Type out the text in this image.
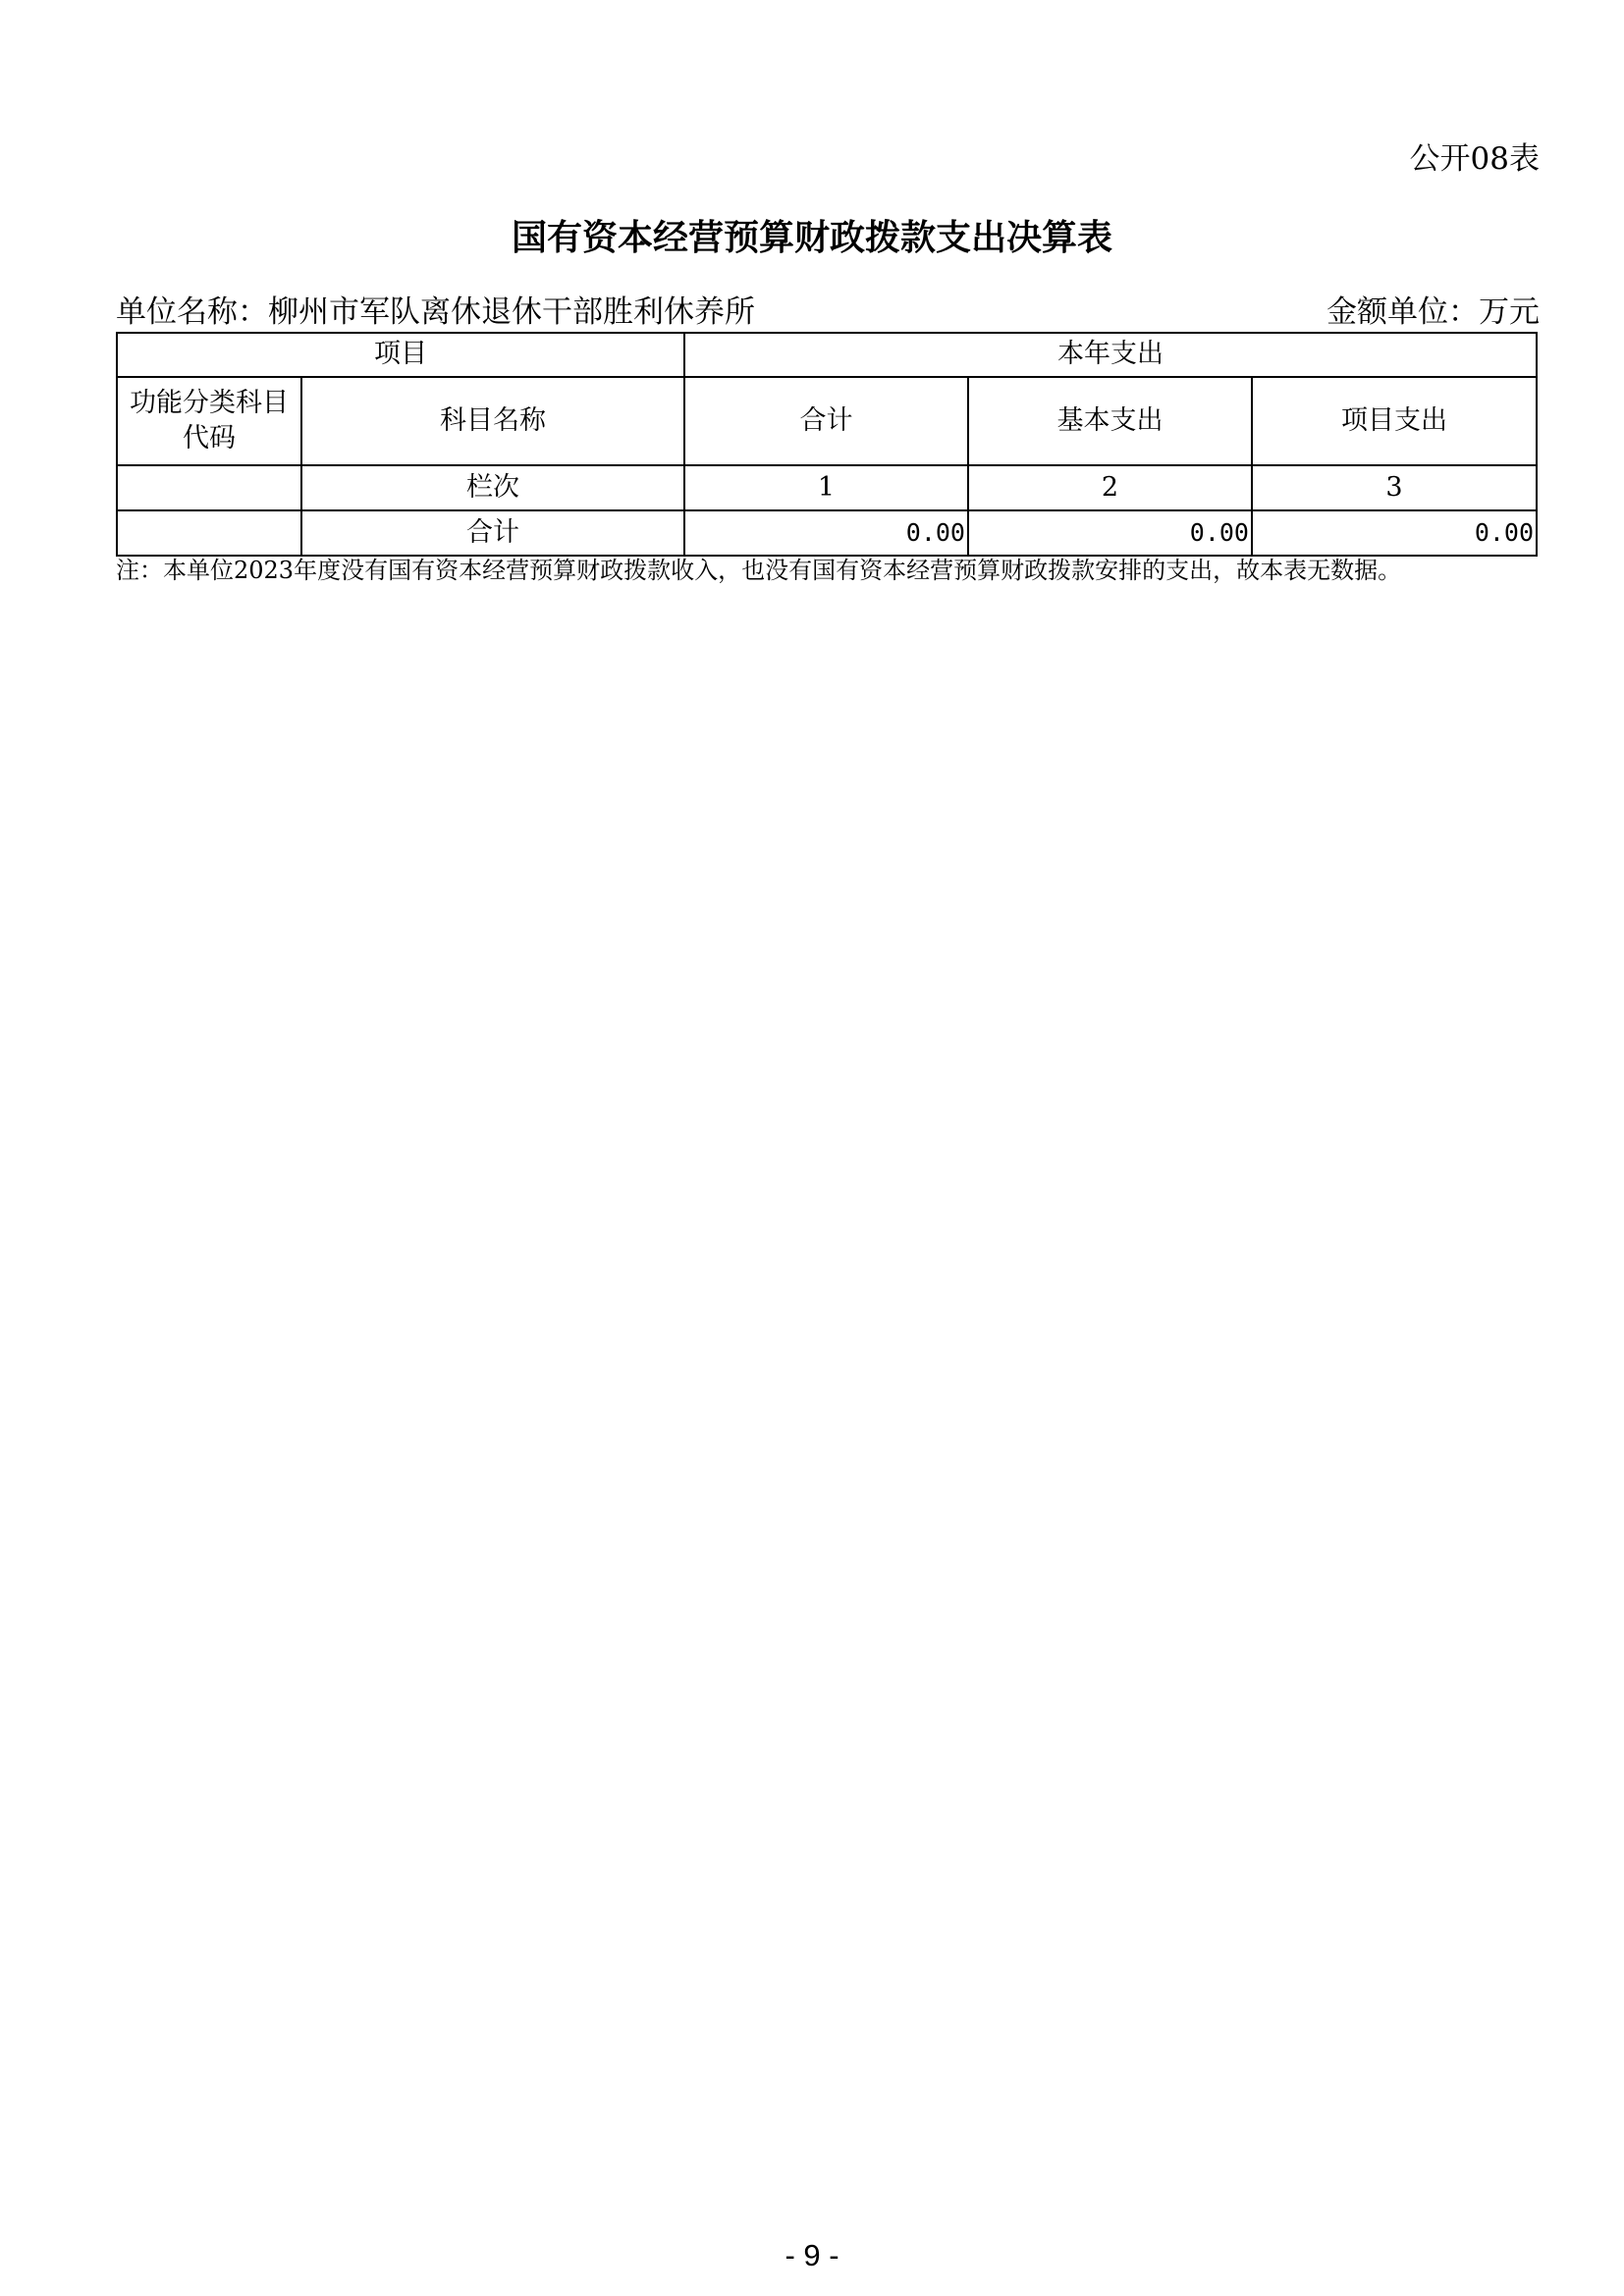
公开08表
国有资本经营预算财政拨款支出决算表
单位名称：柳州市军队离休退休干部胜利休养所	金额单位：万元
项目		本年支出		
功能分类科目代码	科目名称	合计	基本支出	项目支出
	栏次	1	2	3
	合计	0.00	0.00	0.00
注：本单位2023年度没有国有资本经营预算财政拨款收入，也没有国有资本经营预算财政拨款安排的支出，故本表无数据。
- 9 -
